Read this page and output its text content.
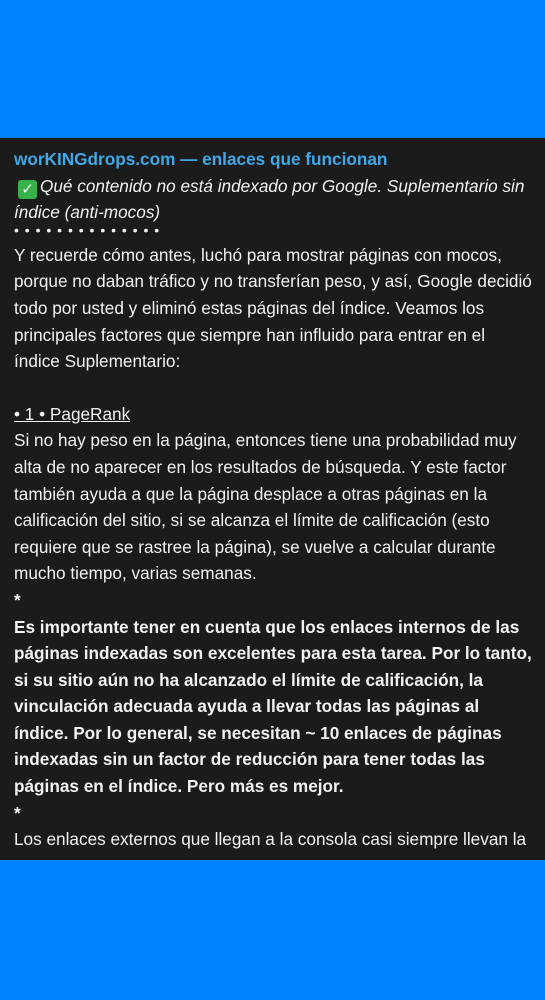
worKINGdrops.com — enlaces que funcionan

✓ Qué contenido no está indexado por Google. Suplementario sin índice (anti-mocos)

• • • • • • • • • • • • • •

Y recuerde cómo antes, luchó para mostrar páginas con mocos, porque no daban tráfico y no transferían peso, y así, Google decidió todo por usted y eliminó estas páginas del índice. Veamos los principales factores que siempre han influido para entrar en el índice Suplementario:

• 1 • PageRank

Si no hay peso en la página, entonces tiene una probabilidad muy alta de no aparecer en los resultados de búsqueda. Y este factor también ayuda a que la página desplace a otras páginas en la calificación del sitio, si se alcanza el límite de calificación (esto requiere que se rastree la página), se vuelve a calcular durante mucho tiempo, varias semanas.

*

Es importante tener en cuenta que los enlaces internos de las páginas indexadas son excelentes para esta tarea. Por lo tanto, si su sitio aún no ha alcanzado el límite de calificación, la vinculación adecuada ayuda a llevar todas las páginas al índice. Por lo general, se necesitan ~ 10 enlaces de páginas indexadas sin un factor de reducción para tener todas las páginas en el índice. Pero más es mejor.

*

Los enlaces externos que llegan a la consola casi siempre llevan la
